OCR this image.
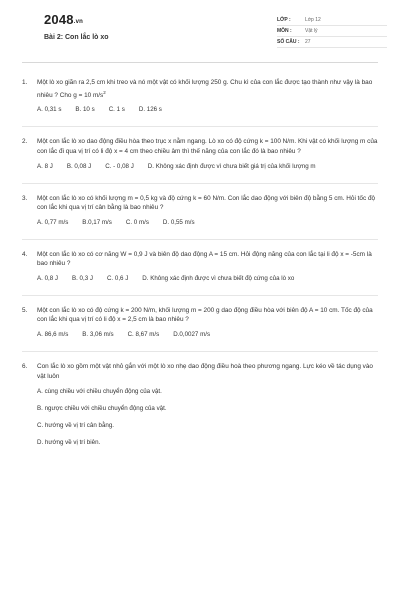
2048.vn
Bài 2: Con lắc lò xo
LỚP :	Lớp 12
MÔN :	Vật lý
SỐ CÂU :	27
1.	Một lò xo giãn ra 2,5 cm khi treo và nó một vật có khối lượng 250 g. Chu kì của con lắc được tạo thành như vậy là bao nhiêu ? Cho g = 10 $m/s^2$

A. 0,31 s B. 10 s C. 1 s D. 126 s
2.	Một con lắc lò xo dao động điều hòa theo trục x nằm ngang. Lò xo có độ cứng k = 100 N/m. Khi vật có khối lượng m của con lắc đi qua vị trí có li độ x = 4 cm theo chiều âm thì thế năng của con lắc đó là bao nhiêu ?

A. 8 J B. 0,08 J C. - 0,08 J D. Không xác định được vì chưa biết giá trị của khối lượng m
3.	Một con lắc lò xo có khối lượng m = 0,5 kg và độ cứng k = 60 N/m. Con lắc dao động với biên độ bằng 5 cm. Hỏi tốc độ con lắc khi qua vị trí cân bằng là bao nhiêu ?

A. 0,77 m/s B.0,17 m/s C. 0 m/s D. 0,55 m/s
4.	Một con lắc lò xo có cơ năng W = 0,9 J và biên độ dao động A = 15 cm. Hỏi động năng của con lắc tại li độ x = -5cm là bao nhiêu ?

A. 0,8 J B. 0,3 J C. 0,6 J D. Không xác định được vì chưa biết độ cứng của lò xo
5.	Một con lắc lò xo có độ cứng k = 200 N/m, khối lượng m = 200 g dao động điều hòa với biên độ A = 10 cm. Tốc độ của con lắc khi qua vị trí có li độ x = 2,5 cm là bao nhiêu ?

A. 86,6 m/s B. 3,06 m/s C. 8,67 m/s D.0,0027 m/s
6.	Con lắc lò xo gồm một vật nhỏ gắn với một lò xo nhẹ dao động điều hoà theo phương ngang. Lực kéo về tác dụng vào vật luôn

A. cùng chiều với chiều chuyển động của vật.
B. ngược chiều với chiều chuyển động của vật.
C. hướng về vị trí cân bằng.
D. hướng về vị trí biên.
